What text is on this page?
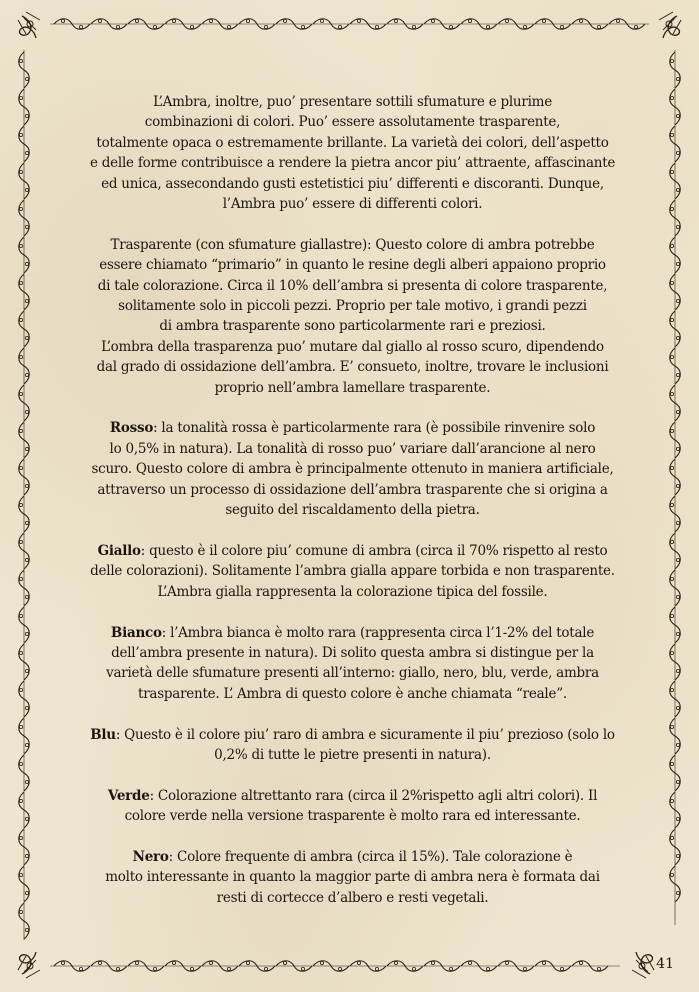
L’Ambra, inoltre, puo’ presentare sottili sfumature e plurime
combinazioni di colori. Puo’ essere assolutamente trasparente,
totalmente opaca o estremamente brillante. La varietà dei colori, dell’aspetto
e delle forme contribuisce a rendere la pietra ancor piu’ attraente, affascinante
ed unica, assecondando gusti estetistici piu’ differenti e discoranti. Dunque,
l’Ambra puo’ essere di differenti colori.

Trasparente (con sfumature giallastre): Questo colore di ambra potrebbe
essere chiamato “primario” in quanto le resine degli alberi appaiono proprio
di tale colorazione. Circa il 10% dell’ambra si presenta di colore trasparente,
solitamente solo in piccoli pezzi. Proprio per tale motivo, i grandi pezzi
di ambra trasparente sono particolarmente rari e preziosi.
L’ombra della trasparenza puo’ mutare dal giallo al rosso scuro, dipendendo
dal grado di ossidazione dell’ambra. E’ consueto, inoltre, trovare le inclusioni
proprio nell’ambra lamellare trasparente.

Rosso: la tonalità rossa è particolarmente rara (è possibile rinvenire solo
lo 0,5% in natura). La tonalità di rosso puo’ variare dall’arancione al nero
scuro. Questo colore di ambra è principalmente ottenuto in maniera artificiale,
attraverso un processo di ossidazione dell’ambra trasparente che si origina a
seguito del riscaldamento della pietra.

Giallo: questo è il colore piu’ comune di ambra (circa il 70% rispetto al resto
delle colorazioni). Solitamente l’ambra gialla appare torbida e non trasparente.
L’Ambra gialla rappresenta la colorazione tipica del fossile.

Bianco: l’Ambra bianca è molto rara (rappresenta circa l’1-2% del totale
dell’ambra presente in natura). Di solito questa ambra si distingue per la
varietà delle sfumature presenti all’interno: giallo, nero, blu, verde, ambra
trasparente. L’ Ambra di questo colore è anche chiamata “reale”.

Blu: Questo è il colore piu’ raro di ambra e sicuramente il piu’ prezioso (solo lo
0,2% di tutte le pietre presenti in natura).

Verde: Colorazione altrettanto rara (circa il 2%rispetto agli altri colori). Il
colore verde nella versione trasparente è molto rara ed interessante.

Nero: Colore frequente di ambra (circa il 15%). Tale colorazione è
molto interessante in quanto la maggior parte di ambra nera è formata dai
resti di cortecce d’albero e resti vegetali.

41
